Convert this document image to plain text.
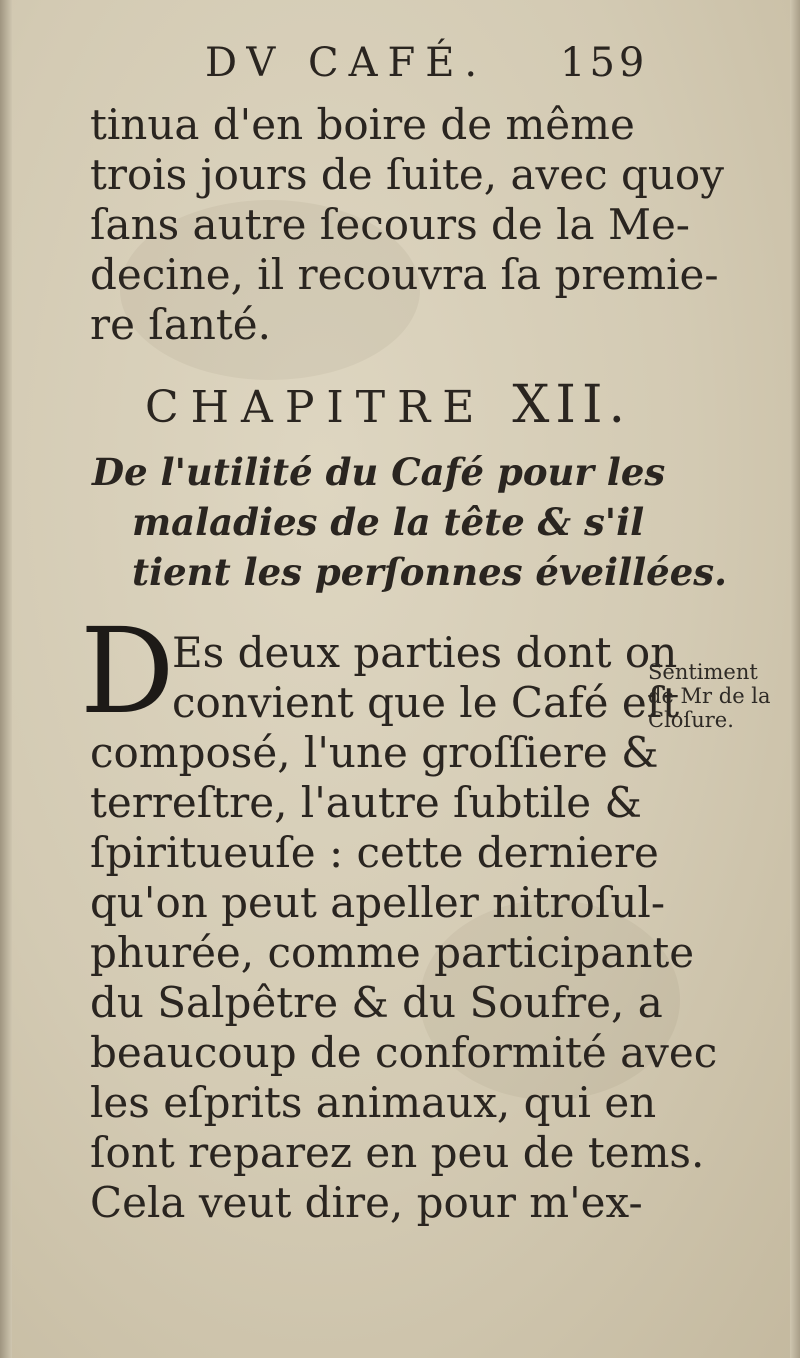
DV CAFÉ. 159
tinua d'en boire de même
trois jours de ſuite, avec quoy
ſans autre ſecours de la Me-
decine, il recouvra ſa premie-
re ſanté.
CHAPITRE XII.
De l'utilité du Café pour les
maladies de la tête & s'il
tient les perſonnes éveillées.
D
Es deux parties dont on
convient que le Café eſt
composé, l'une groſſiere &
terreſtre, l'autre ſubtile &
ſpiritueuſe : cette derniere
qu'on peut apeller nitroſul-
phurée, comme participante
du Salpêtre & du Soufre, a
beaucoup de conformité avec
les eſprits animaux, qui en
ſont reparez en peu de tems.
Cela veut dire, pour m'ex-
Sentiment
de Mr de la
Cloſure.
